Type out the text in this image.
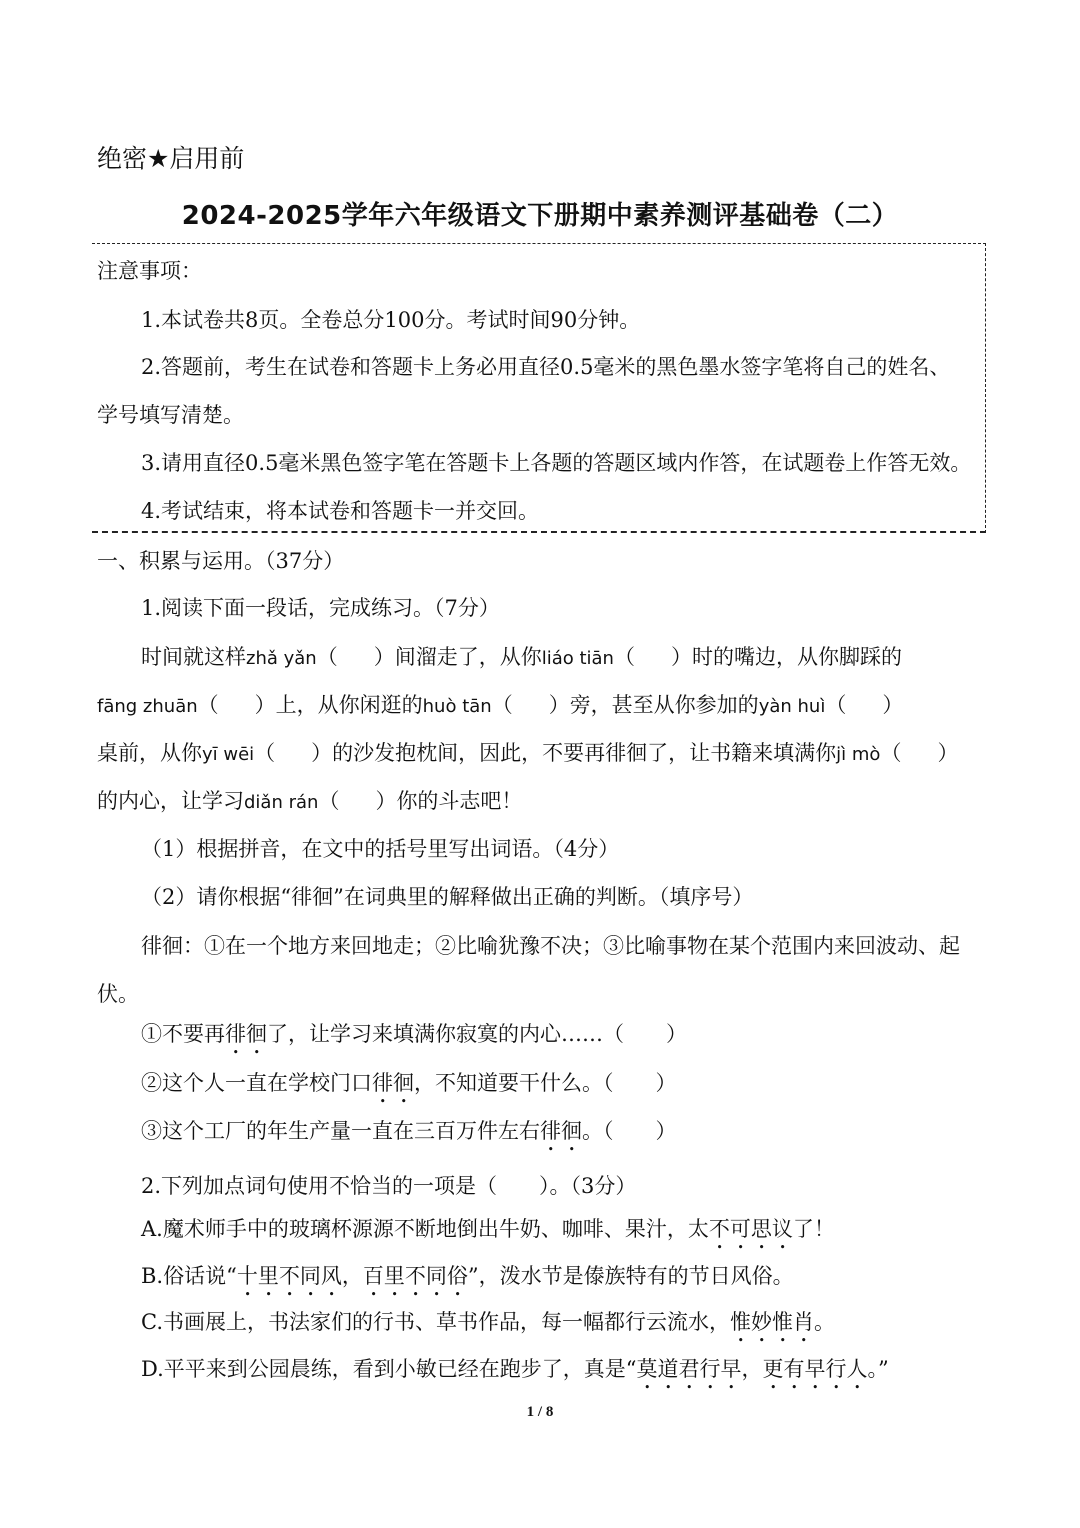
绝密★启用前
2024-2025学年六年级语文下册期中素养测评基础卷（二）
注意事项：
1.本试卷共8页。全卷总分100分。考试时间90分钟。
2.答题前，考生在试卷和答题卡上务必用直径0.5毫米的黑色墨水签字笔将自己的姓名、
学号填写清楚。
3.请用直径0.5毫米黑色签字笔在答题卡上各题的答题区域内作答，在试题卷上作答无效。
4.考试结束，将本试卷和答题卡一并交回。
一、积累与运用。（37分）
1.阅读下面一段话，完成练习。（7分）
时间就这样zhǎ yǎn（ ）间溜走了，从你liáo tiān（ ）时的嘴边，从你脚踩的
fāng zhuān（ ）上，从你闲逛的huò tān（ ）旁，甚至从你参加的yàn huì（ ）
桌前，从你yī wēi（ ）的沙发抱枕间，因此，不要再徘徊了，让书籍来填满你jì mò（ ）
的内心，让学习diǎn rán（ ）你的斗志吧！
（1）根据拼音，在文中的括号里写出词语。（4分）
（2）请你根据“徘徊”在词典里的解释做出正确的判断。（填序号）
徘徊：①在一个地方来回地走；②比喻犹豫不决；③比喻事物在某个范围内来回波动、起
伏。
①不要再徘徊了，让学习来填满你寂寞的内心……（　　）
②这个人一直在学校门口徘徊，不知道要干什么。（　　）
③这个工厂的年生产量一直在三百万件左右徘徊。（　　）
2.下列加点词句使用不恰当的一项是（　　）。（3分）
A.魔术师手中的玻璃杯源源不断地倒出牛奶、咖啡、果汁，太不可思议了！
B.俗话说“十里不同风，百里不同俗”，泼水节是傣族特有的节日风俗。
C.书画展上，书法家们的行书、草书作品，每一幅都行云流水，惟妙惟肖。
D.平平来到公园晨练，看到小敏已经在跑步了，真是“莫道君行早，更有早行人。”
1 / 8
